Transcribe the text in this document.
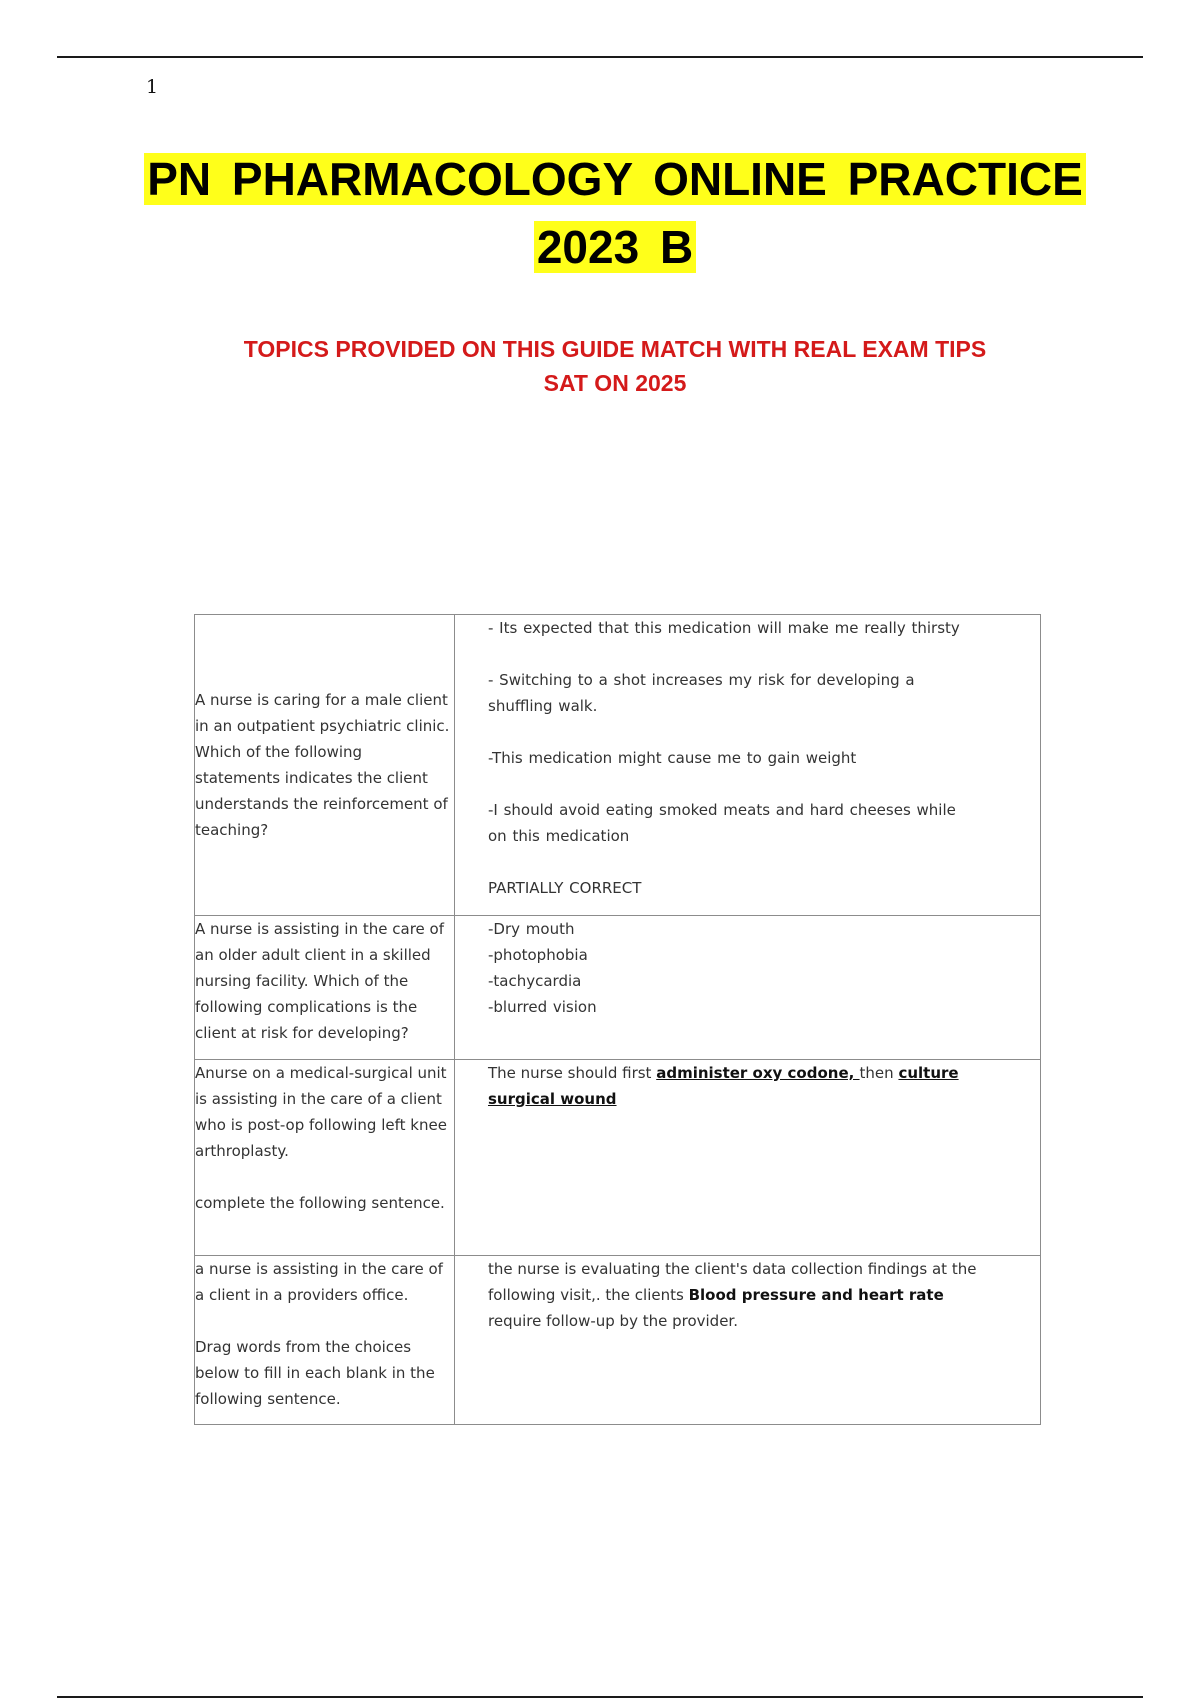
1
PN PHARMACOLOGY ONLINE PRACTICE
2023 B
TOPICS PROVIDED ON THIS GUIDE MATCH WITH REAL EXAM TIPS
SAT ON 2025
A nurse is caring for a male client in an outpatient psychiatric clinic. Which of the following statements indicates the client understands the reinforcement of teaching?	- Its expected that this medication will make me really thirsty
- Switching to a shot increases my risk for developing a shuffling walk.
-This medication might cause me to gain weight
-I should avoid eating smoked meats and hard cheeses while on this medication
PARTIALLY CORRECT

A nurse is assisting in the care of an older adult client in a skilled nursing facility. Which of the following complications is the client at risk for developing?	-Dry mouth
-photophobia
-tachycardia
-blurred vision

Anurse on a medical-surgical unit is assisting in the care of a client who is post-op following left knee arthroplasty.
complete the following sentence.	The nurse should first administer oxy codone, then culture surgical wound

a nurse is assisting in the care of a client in a providers office.
Drag words from the choices below to fill in each blank in the following sentence.	the nurse is evaluating the client's data collection findings at the following visit,. the clients Blood pressure and heart rate require follow-up by the provider.
